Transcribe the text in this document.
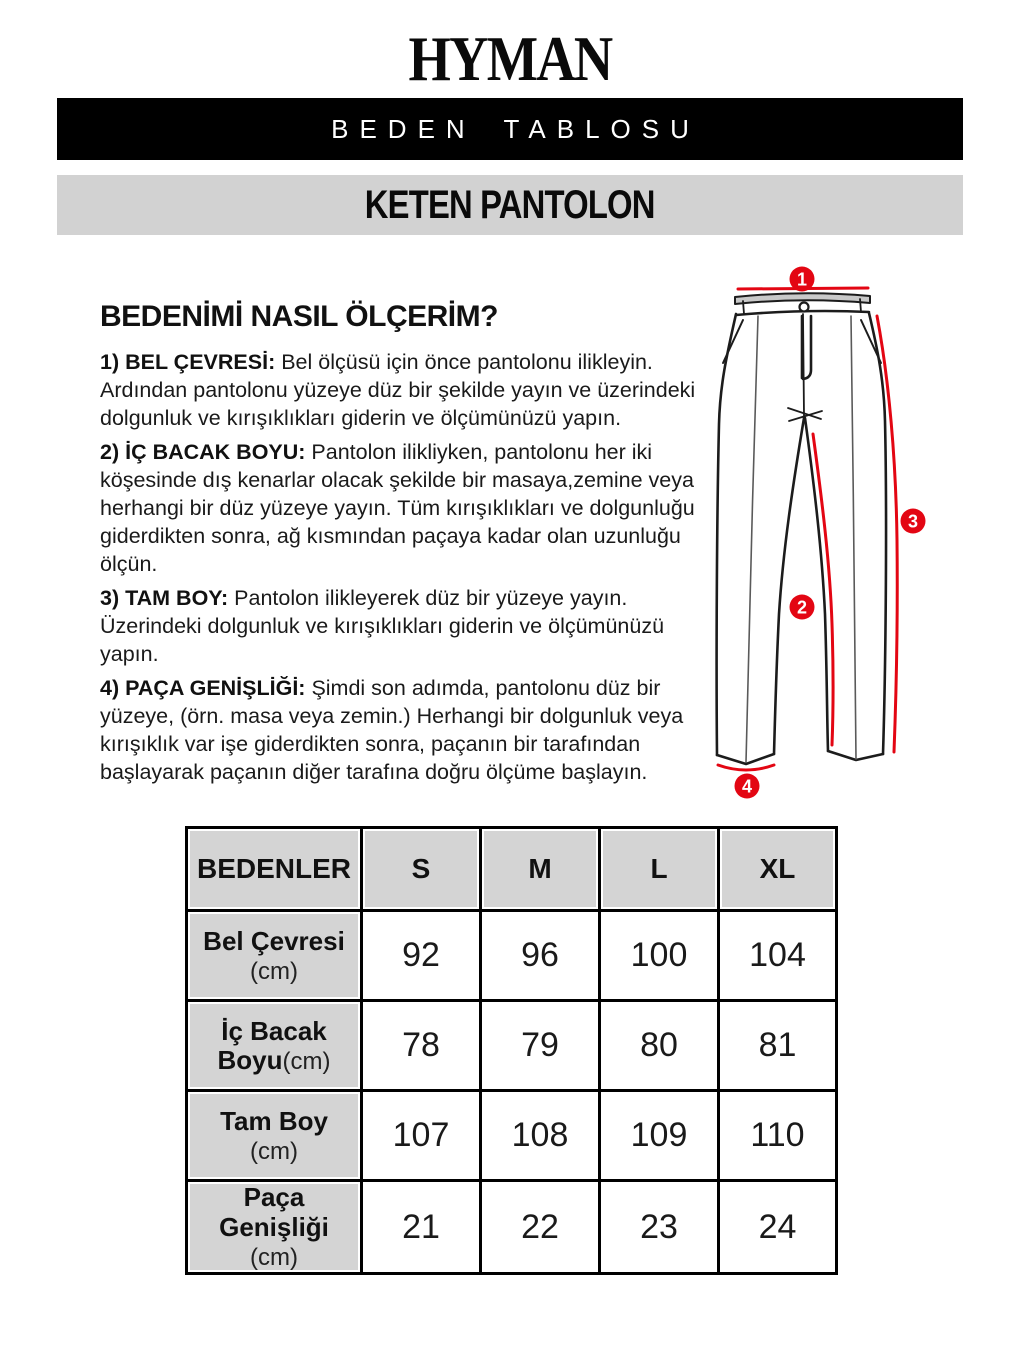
HYMAN
BEDEN TABLOSU
KETEN PANTOLON
BEDENİMİ NASIL ÖLÇERİM?

1) BEL ÇEVRESİ: Bel ölçüsü için önce pantolonu ilikleyin. Ardından pantolonu yüzeye düz bir şekilde yayın ve üzerindeki dolgunluk ve kırışıklıkları giderin ve ölçümünüzü yapın.

2) İÇ BACAK BOYU: Pantolon ilikliyken, pantolonu her iki köşesinde dış kenarlar olacak şekilde bir masaya,zemine veya herhangi bir düz yüzeye yayın. Tüm kırışıklıkları ve dolgunluğu giderdikten sonra, ağ kısmından paçaya kadar olan uzunluğu ölçün.

3) TAM BOY: Pantolon ilikleyerek düz bir yüzeye yayın. Üzerindeki dolgunluk ve kırışıklıkları giderin ve ölçümünüzü yapın.

4) PAÇA GENİŞLİĞİ: Şimdi son adımda, pantolonu düz bir yüzeye, (örn. masa veya zemin.) Herhangi bir dolgunluk veya kırışıklık var işe giderdikten sonra, paçanın bir tarafından başlayarak paçanın diğer tarafına doğru ölçüme başlayın.

1
2
3
4
BEDENLER	S	M	L	XL

Bel Çevresi
(cm)	92	96	100	104

İç Bacak
Boyu(cm)	78	79	80	81

Tam Boy
(cm)	107	108	109	110

Paça Genişliği
(cm)	21	22	23	24
